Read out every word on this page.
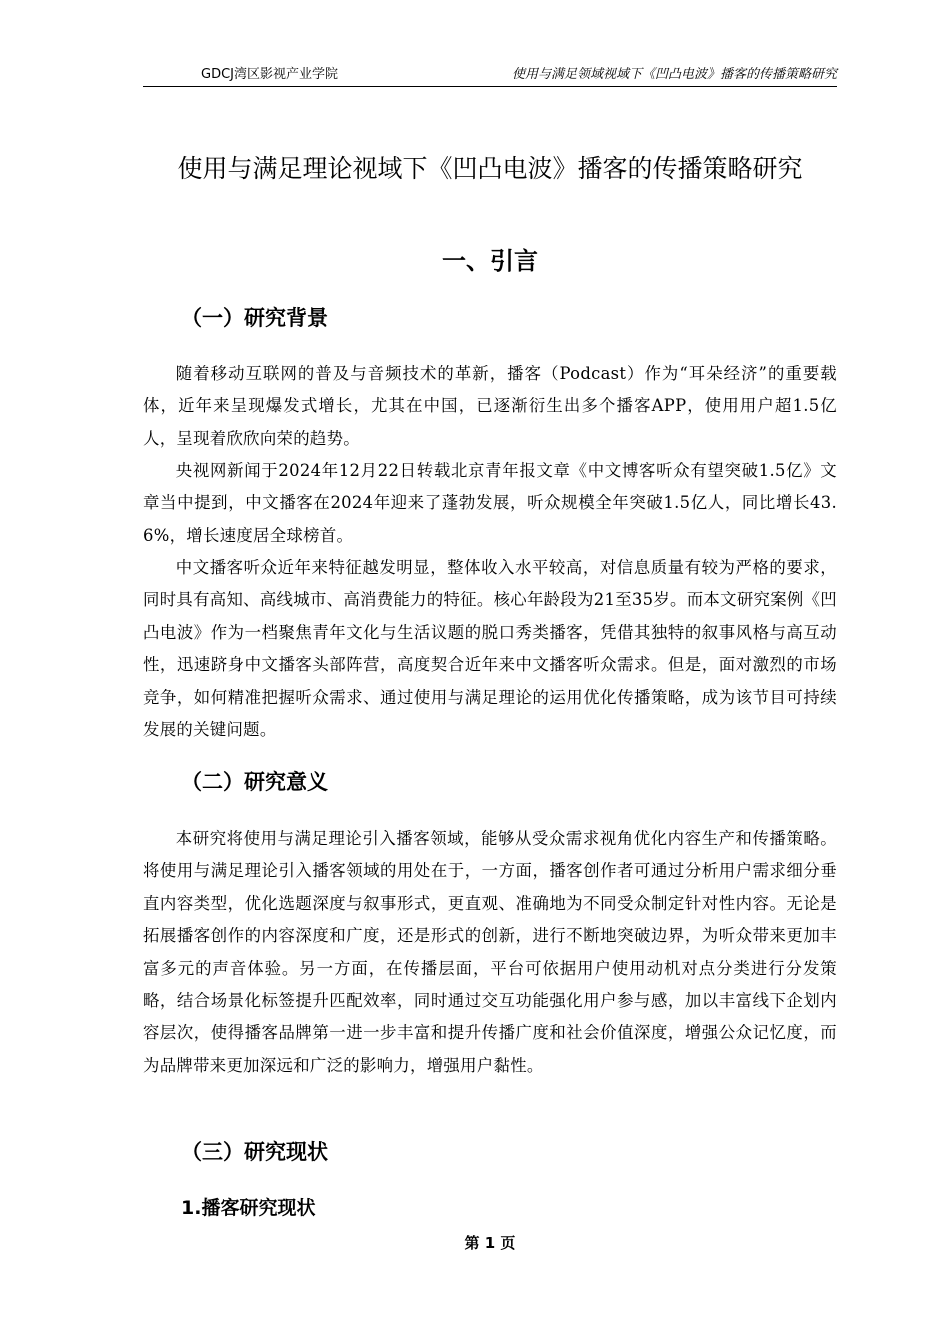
GDCJ湾区影视产业学院	使用与满足领域视域下《凹凸电波》播客的传播策略研究
使用与满足理论视域下《凹凸电波》播客的传播策略研究
一、引言
（一）研究背景

随着移动互联网的普及与音频技术的革新，播客（Podcast）作为“耳朵经济”的重要载体，近年来呈现爆发式增长，尤其在中国，已逐渐衍生出多个播客APP，使用用户超1.5亿人，呈现着欣欣向荣的趋势。

央视网新闻于2024年12月22日转载北京青年报文章《中文博客听众有望突破1.5亿》文章当中提到，中文播客在2024年迎来了蓬勃发展，听众规模全年突破1.5亿人，同比增长43.6%，增长速度居全球榜首。

中文播客听众近年来特征越发明显，整体收入水平较高，对信息质量有较为严格的要求，同时具有高知、高线城市、高消费能力的特征。核心年龄段为21至35岁。而本文研究案例《凹凸电波》作为一档聚焦青年文化与生活议题的脱口秀类播客，凭借其独特的叙事风格与高互动性，迅速跻身中文播客头部阵营，高度契合近年来中文播客听众需求。但是，面对激烈的市场竞争，如何精准把握听众需求、通过使用与满足理论的运用优化传播策略，成为该节目可持续发展的关键问题。

（二）研究意义

本研究将使用与满足理论引入播客领域，能够从受众需求视角优化内容生产和传播策略。将使用与满足理论引入播客领域的用处在于，一方面，播客创作者可通过分析用户需求细分垂直内容类型，优化选题深度与叙事形式，更直观、准确地为不同受众制定针对性内容。无论是拓展播客创作的内容深度和广度，还是形式的创新，进行不断地突破边界，为听众带来更加丰富多元的声音体验。另一方面，在传播层面，平台可依据用户使用动机对点分类进行分发策略，结合场景化标签提升匹配效率，同时通过交互功能强化用户参与感，加以丰富线下企划内容层次，使得播客品牌第一进一步丰富和提升传播广度和社会价值深度，增强公众记忆度，而为品牌带来更加深远和广泛的影响力，增强用户黏性。

（三）研究现状
1.播客研究现状
第 1 页
